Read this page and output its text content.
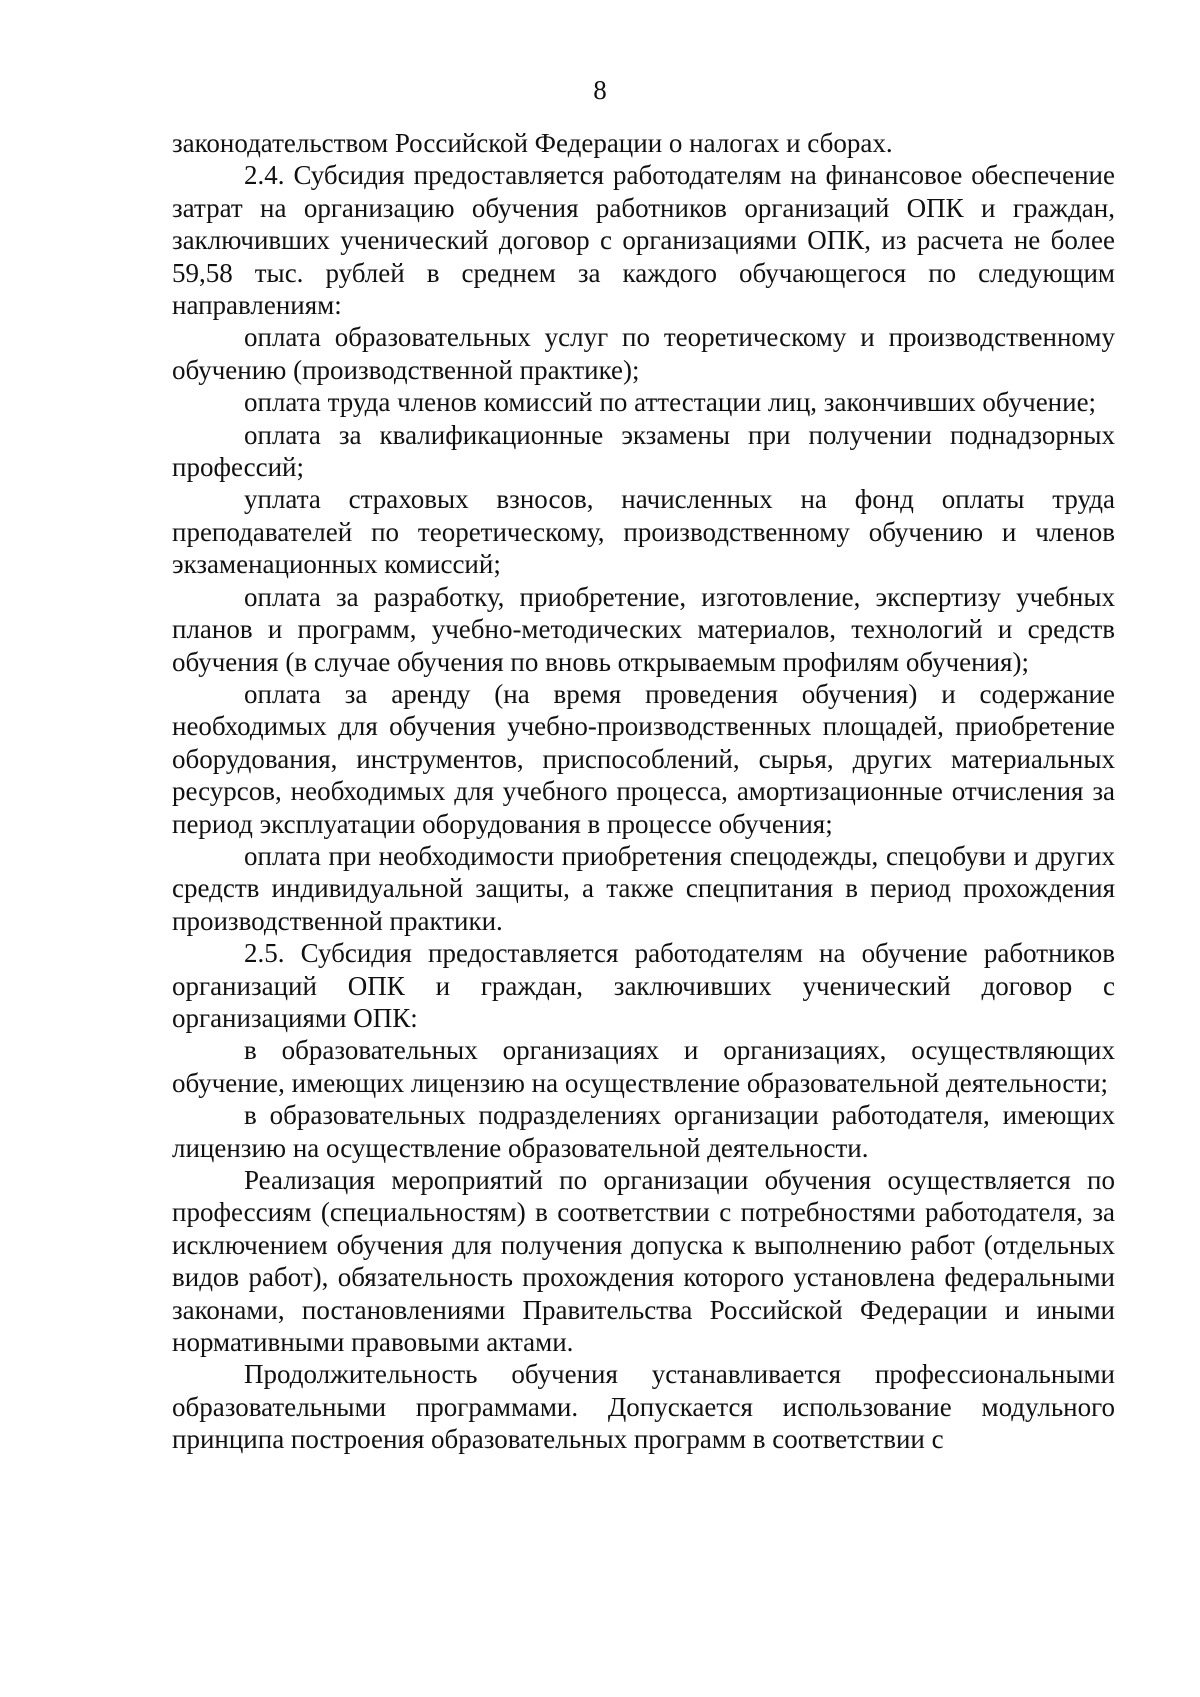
8

законодательством Российской Федерации о налогах и сборах.

2.4. Субсидия предоставляется работодателям на финансовое обеспечение затрат на организацию обучения работников организаций ОПК и граждан, заключивших ученический договор с организациями ОПК, из расчета не более 59,58 тыс. рублей в среднем за каждого обучающегося по следующим направлениям:

оплата образовательных услуг по теоретическому и производственному обучению (производственной практике);

оплата труда членов комиссий по аттестации лиц, закончивших обучение;

оплата за квалификационные экзамены при получении поднадзорных профессий;

уплата страховых взносов, начисленных на фонд оплаты труда преподавателей по теоретическому, производственному обучению и членов экзаменационных комиссий;

оплата за разработку, приобретение, изготовление, экспертизу учебных планов и программ, учебно-методических материалов, технологий и средств обучения (в случае обучения по вновь открываемым профилям обучения);

оплата за аренду (на время проведения обучения) и содержание необходимых для обучения учебно-производственных площадей, приобретение оборудования, инструментов, приспособлений, сырья, других материальных ресурсов, необходимых для учебного процесса, амортизационные отчисления за период эксплуатации оборудования в процессе обучения;

оплата при необходимости приобретения спецодежды, спецобуви и других средств индивидуальной защиты, а также спецпитания в период прохождения производственной практики.

2.5. Субсидия предоставляется работодателям на обучение работников организаций ОПК и граждан, заключивших ученический договор с организациями ОПК:

в образовательных организациях и организациях, осуществляющих обучение, имеющих лицензию на осуществление образовательной деятельности;

в образовательных подразделениях организации работодателя, имеющих лицензию на осуществление образовательной деятельности.

Реализация мероприятий по организации обучения осуществляется по профессиям (специальностям) в соответствии с потребностями работодателя, за исключением обучения для получения допуска к выполнению работ (отдельных видов работ), обязательность прохождения которого установлена федеральными законами, постановлениями Правительства Российской Федерации и иными нормативными правовыми актами.

Продолжительность обучения устанавливается профессиональными образовательными программами. Допускается использование модульного принципа построения образовательных программ в соответствии с
